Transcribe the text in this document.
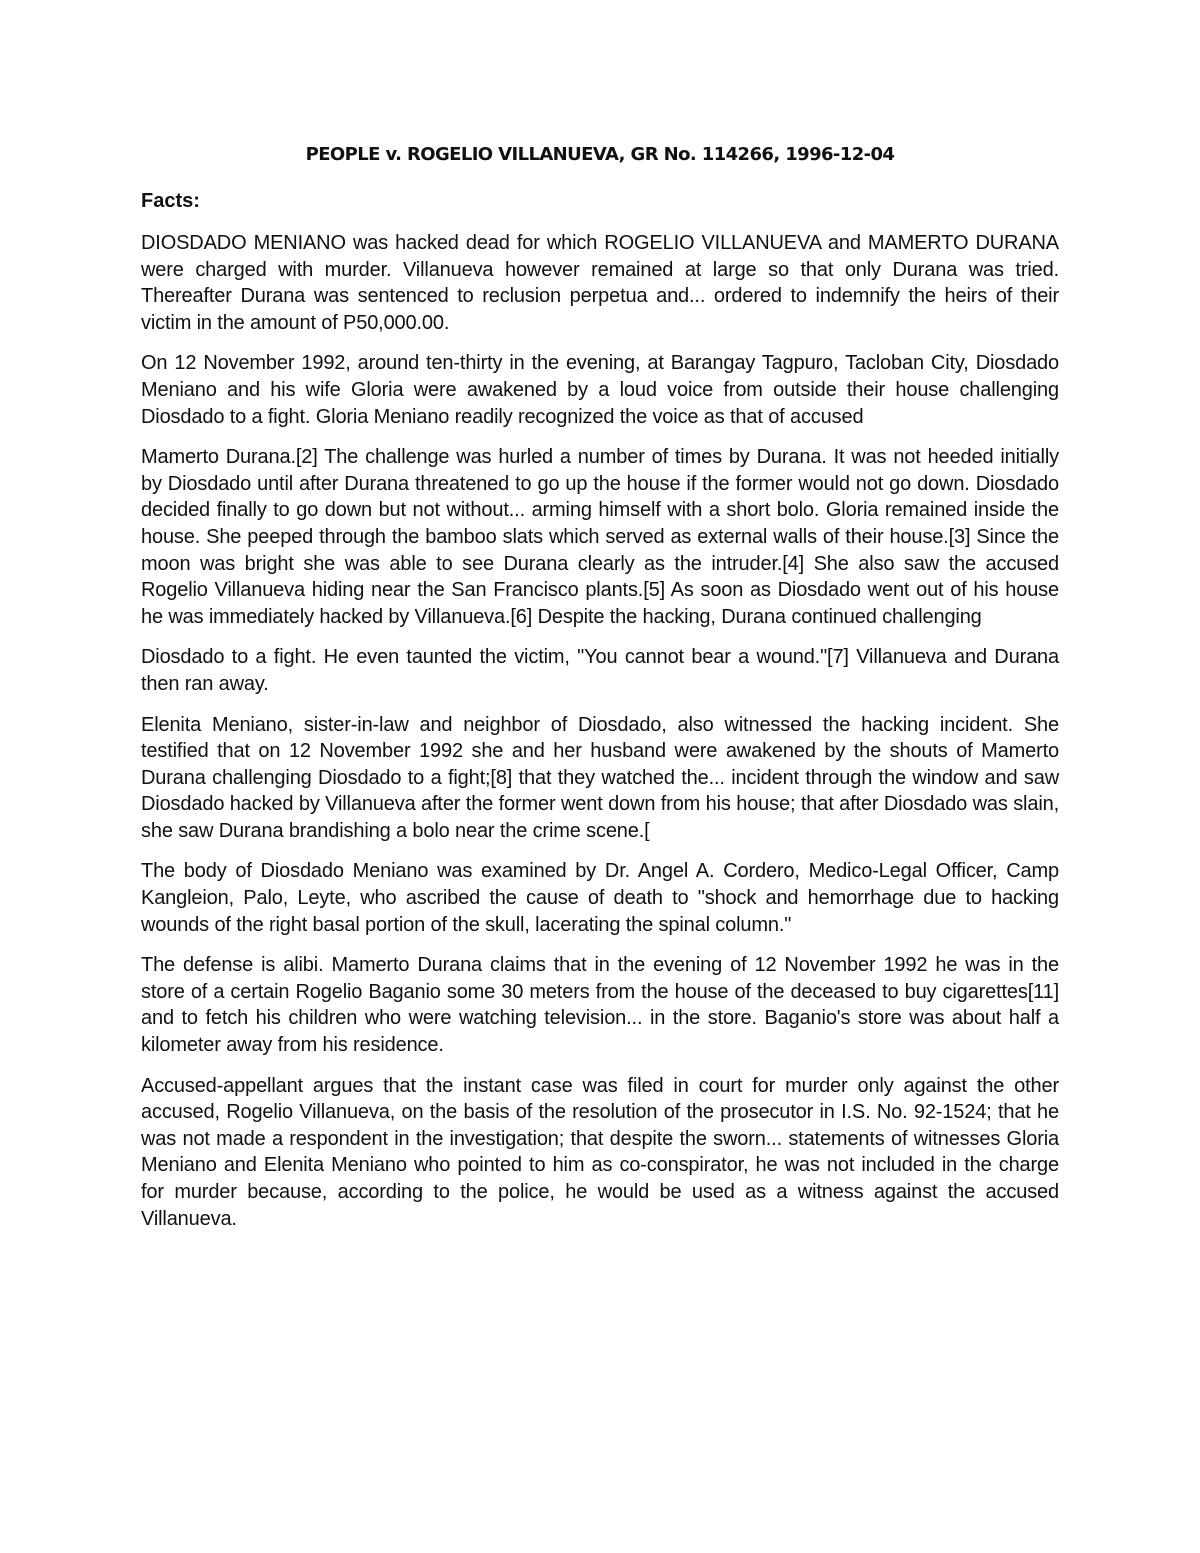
PEOPLE v. ROGELIO VILLANUEVA, GR No. 114266, 1996-12-04
Facts:

DIOSDADO MENIANO was hacked dead for which ROGELIO VILLANUEVA and MAMERTO DURANA were charged with murder. Villanueva however remained at large so that only Durana was tried. Thereafter Durana was sentenced to reclusion perpetua and... ordered to indemnify the heirs of their victim in the amount of P50,000.00.

On 12 November 1992, around ten-thirty in the evening, at Barangay Tagpuro, Tacloban City, Diosdado Meniano and his wife Gloria were awakened by a loud voice from outside their house challenging Diosdado to a fight. Gloria Meniano readily recognized the voice as that of accused

Mamerto Durana.[2] The challenge was hurled a number of times by Durana. It was not heeded initially by Diosdado until after Durana threatened to go up the house if the former would not go down. Diosdado decided finally to go down but not without... arming himself with a short bolo. Gloria remained inside the house. She peeped through the bamboo slats which served as external walls of their house.[3] Since the moon was bright she was able to see Durana clearly as the intruder.[4] She also saw the accused Rogelio Villanueva hiding near the San Francisco plants.[5] As soon as Diosdado went out of his house he was immediately hacked by Villanueva.[6] Despite the hacking, Durana continued challenging

Diosdado to a fight. He even taunted the victim, "You cannot bear a wound."[7] Villanueva and Durana then ran away.

Elenita Meniano, sister-in-law and neighbor of Diosdado, also witnessed the hacking incident. She testified that on 12 November 1992 she and her husband were awakened by the shouts of Mamerto Durana challenging Diosdado to a fight;[8] that they watched the... incident through the window and saw Diosdado hacked by Villanueva after the former went down from his house; that after Diosdado was slain, she saw Durana brandishing a bolo near the crime scene.[

The body of Diosdado Meniano was examined by Dr. Angel A. Cordero, Medico-Legal Officer, Camp Kangleion, Palo, Leyte, who ascribed the cause of death to "shock and hemorrhage due to hacking wounds of the right basal portion of the skull, lacerating the spinal column."

The defense is alibi. Mamerto Durana claims that in the evening of 12 November 1992 he was in the store of a certain Rogelio Baganio some 30 meters from the house of the deceased to buy cigarettes[11] and to fetch his children who were watching television... in the store. Baganio's store was about half a kilometer away from his residence.

Accused-appellant argues that the instant case was filed in court for murder only against the other accused, Rogelio Villanueva, on the basis of the resolution of the prosecutor in I.S. No. 92-1524; that he was not made a respondent in the investigation; that despite the sworn... statements of witnesses Gloria Meniano and Elenita Meniano who pointed to him as co-conspirator, he was not included in the charge for murder because, according to the police, he would be used as a witness against the accused Villanueva.
